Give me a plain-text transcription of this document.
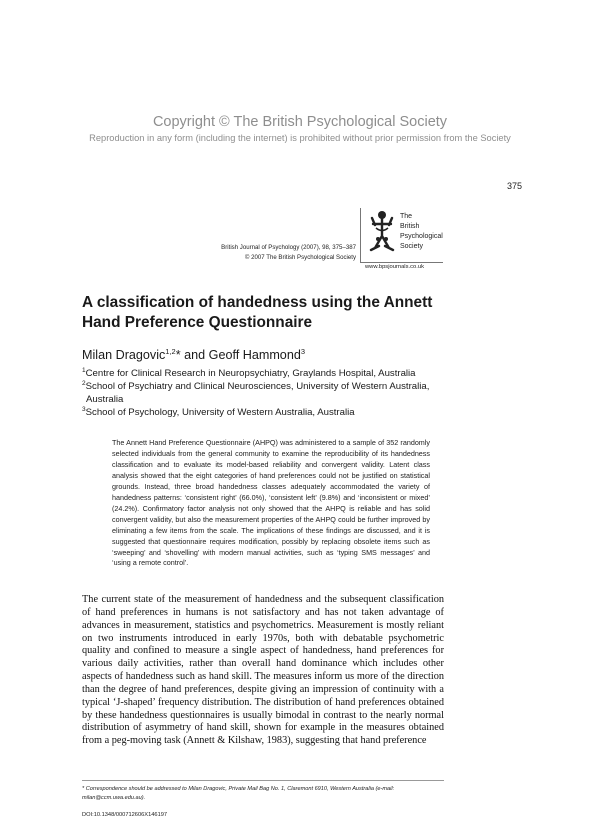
Copyright © The British Psychological Society
Reproduction in any form (including the internet) is prohibited without prior permission from the Society
375
British Journal of Psychology (2007), 98, 375–387
© 2007 The British Psychological Society
The
British
Psychological
Society
www.bpsjournals.co.uk
A classification of handedness using the Annett Hand Preference Questionnaire
Milan Dragovic$^{1,2}$* and Geoff Hammond$^3$
$^1$Centre for Clinical Research in Neuropsychiatry, Graylands Hospital, Australia
$^2$School of Psychiatry and Clinical Neurosciences, University of Western Australia,
Australia
$^3$School of Psychology, University of Western Australia, Australia
The Annett Hand Preference Questionnaire (AHPQ) was administered to a sample of 352 randomly selected individuals from the general community to examine the reproducibility of its handedness classification and to evaluate its model-based reliability and convergent validity. Latent class analysis showed that the eight categories of hand preferences could not be justified on statistical grounds. Instead, three broad handedness classes adequately accommodated the variety of handedness patterns: ‘consistent right’ (66.0%), ‘consistent left’ (9.8%) and ‘inconsistent or mixed’ (24.2%). Confirmatory factor analysis not only showed that the AHPQ is reliable and has solid convergent validity, but also the measurement properties of the AHPQ could be further improved by eliminating a few items from the scale. The implications of these findings are discussed, and it is suggested that questionnaire requires modification, possibly by replacing obsolete items such as ‘sweeping’ and ‘shovelling’ with modern manual activities, such as ‘typing SMS messages’ and ‘using a remote control’.
The current state of the measurement of handedness and the subsequent classification of hand preferences in humans is not satisfactory and has not taken advantage of advances in measurement, statistics and psychometrics. Measurement is mostly reliant on two instruments introduced in early 1970s, both with debatable psychometric quality and confined to measure a single aspect of handedness, hand preferences for various daily activities, rather than overall hand dominance which includes other aspects of handedness such as hand skill. The measures inform us more of the direction than the degree of hand preferences, despite giving an impression of continuity with a typical ‘J-shaped’ frequency distribution. The distribution of hand preferences obtained by these handedness questionnaires is usually bimodal in contrast to the nearly normal distribution of asymmetry of hand skill, shown for example in the measures obtained from a peg-moving task (Annett & Kilshaw, 1983), suggesting that hand preference
* Correspondence should be addressed to Milan Dragovic, Private Mail Bag No. 1, Claremont 6910, Western Australia (e-mail: milan@ccm.uwa.edu.au).
DOI:10.1348/000712606X146197
